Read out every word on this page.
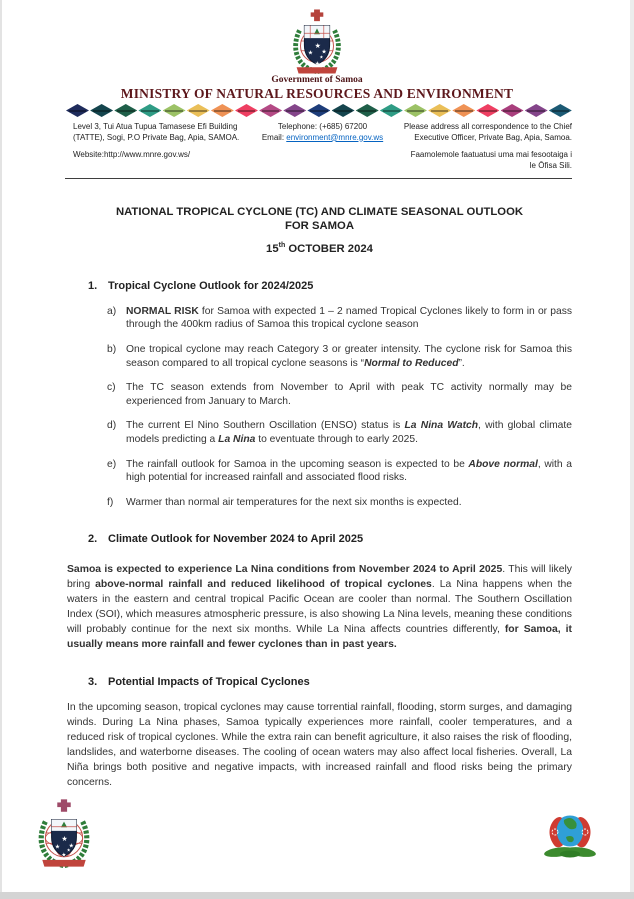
★
★ ★
★
★
Government of Samoa
MINISTRY OF NATURAL RESOURCES AND ENVIRONMENT
Level 3, Tui Atua Tupua Tamasese Efi Building
(TATTE), Sogi, P.O Private Bag, Apia, SAMOA.
Telephone: (+685) 67200
Email: environment@mnre.gov.ws
Please address all correspondence to the Chief
Executive Officer, Private Bag, Apia, Samoa.
Website:http://www.mnre.gov.ws/	Faamolemole faatuatusi uma mai fesootaiga i le Ōfisa Sili.
NATIONAL TROPICAL CYCLONE (TC) AND CLIMATE SEASONAL OUTLOOK FOR SAMOA
15th OCTOBER 2024
1. Tropical Cyclone Outlook for 2024/2025
a) NORMAL RISK for Samoa with expected 1 – 2 named Tropical Cyclones likely to form in or pass through the 400km radius of Samoa this tropical cyclone season
b) One tropical cyclone may reach Category 3 or greater intensity. The cyclone risk for Samoa this season compared to all tropical cyclone seasons is “Normal to Reduced”.
c)	The TC season extends from November to April with peak TC activity normally may be experienced from January to March.
d) The current El Nino Southern Oscillation (ENSO) status is La Nina Watch, with global climate models predicting a La Nina to eventuate through to early 2025.
e) The rainfall outlook for Samoa in the upcoming season is expected to be Above normal, with a high potential for increased rainfall and associated flood risks.
f)	Warmer than normal air temperatures for the next six months is expected.
2. Climate Outlook for November 2024 to April 2025

Samoa is expected to experience La Nina conditions from November 2024 to April 2025. This will likely bring above-normal rainfall and reduced likelihood of tropical cyclones. La Nina happens when the waters in the eastern and central tropical Pacific Ocean are cooler than normal. The Southern Oscillation Index (SOI), which measures atmospheric pressure, is also showing La Nina levels, meaning these conditions will probably continue for the next six months. While La Nina affects countries differently, for Samoa, it usually means more rainfall and fewer cyclones than in past years.

3. Potential Impacts of Tropical Cyclones

In the upcoming season, tropical cyclones may cause torrential rainfall, flooding, storm surges, and damaging winds. During La Nina phases, Samoa typically experiences more rainfall, cooler temperatures, and a reduced risk of tropical cyclones. While the extra rain can benefit agriculture, it also raises the risk of flooding, landslides, and waterborne diseases. The cooling of ocean waters may also affect local fisheries. Overall, La Niña brings both positive and negative impacts, with increased rainfall and flood risks being the primary concerns.

★
★ ★
★
★
